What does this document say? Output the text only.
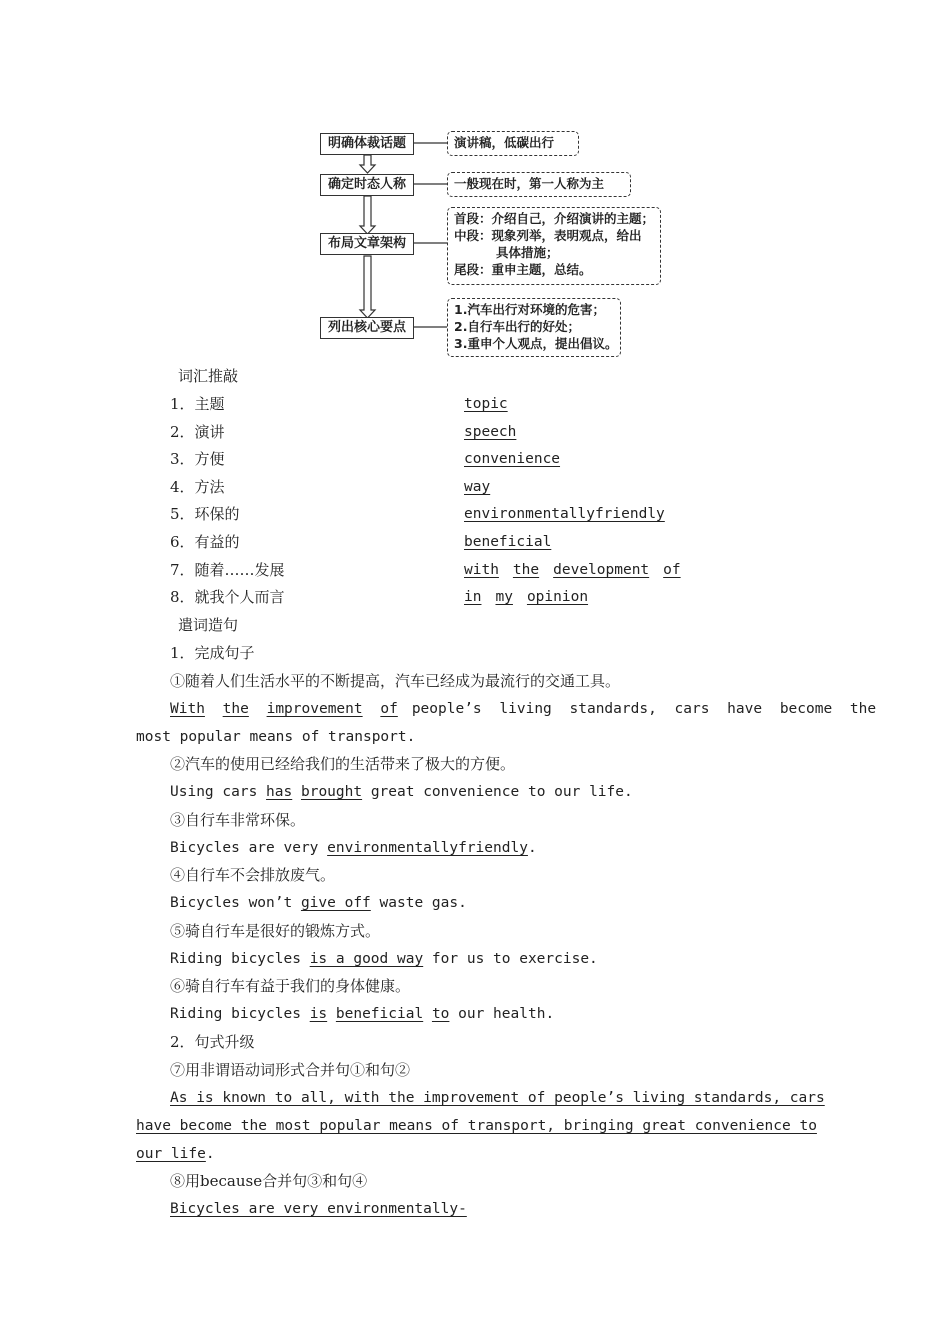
明确体裁话题
确定时态人称
布局文章架构
列出核心要点
演讲稿，低碳出行
一般现在时，第一人称为主
首段：介绍自己，介绍演讲的主题；
中段：现象列举，表明观点，给出
具体措施；
尾段：重申主题，总结。
1.汽车出行对环境的危害；
2.自行车出行的好处；
3.重申个人观点，提出倡议。
词汇推敲
1．主题	topic
2．演讲	speech
3．方便	convenience
4．方法	way
5．环保的	environmentallyfriendly
6．有益的	beneficial
7．随着……发展	with the development of
8．就我个人而言	in my opinion
遣词造句
1．完成句子
①随着人们生活水平的不断提高，汽车已经成为最流行的交通工具。
With the improvement of people’s living standards, cars have become the
most popular means of transport.
②汽车的使用已经给我们的生活带来了极大的方便。
Using cars has brought great convenience to our life.
③自行车非常环保。
Bicycles are very environmentallyfriendly.
④自行车不会排放废气。
Bicycles won’t give off waste gas.
⑤骑自行车是很好的锻炼方式。
Riding bicycles is a good way for us to exercise.
⑥骑自行车有益于我们的身体健康。
Riding bicycles is beneficial to our health.
2．句式升级
⑦用非谓语动词形式合并句①和句②
As is known to all, with the improvement of people’s living standards, cars
have become the most popular means of transport, bringing great convenience to
our life.
⑧用because合并句③和句④
Bicycles are very environmentally-
